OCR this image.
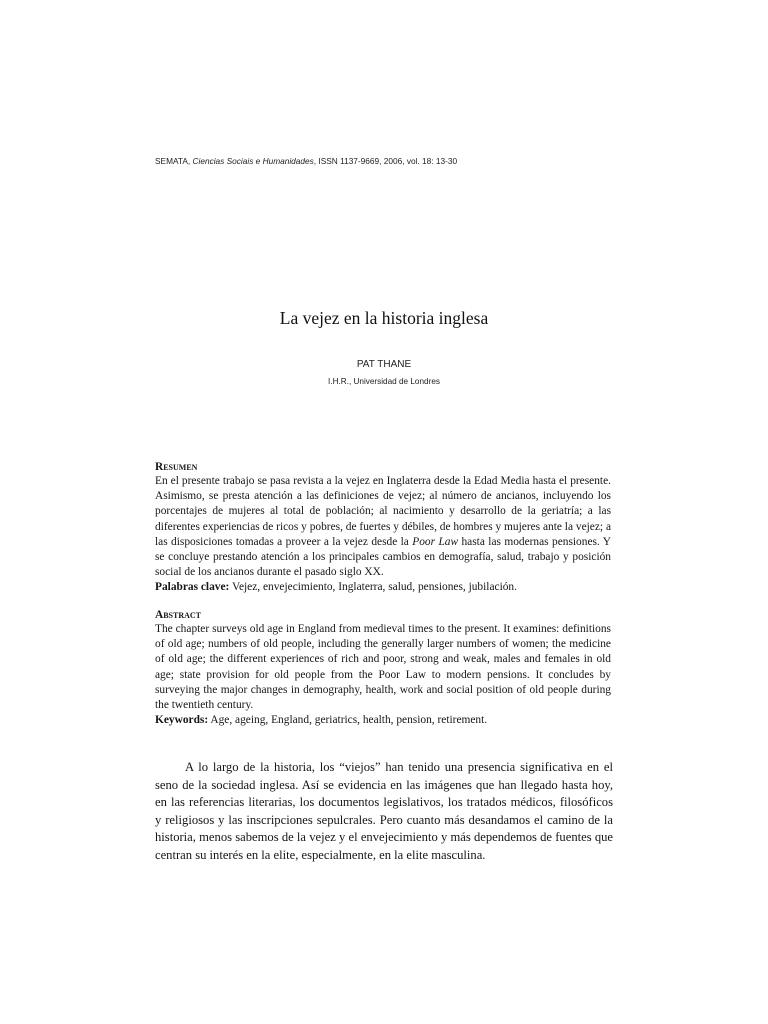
SEMATA, Ciencias Sociais e Humanidades, ISSN 1137-9669, 2006, vol. 18: 13-30
La vejez en la historia inglesa
PAT THANE
I.H.R., Universidad de Londres

Resumen

En el presente trabajo se pasa revista a la vejez en Inglaterra desde la Edad Media hasta el presente. Asimismo, se presta atención a las definiciones de vejez; al número de ancianos, incluyendo los porcentajes de mujeres al total de población; al nacimiento y desarrollo de la geriatría; a las diferentes experiencias de ricos y pobres, de fuertes y débiles, de hombres y mujeres ante la vejez; a las disposiciones tomadas a proveer a la vejez desde la Poor Law hasta las modernas pensiones. Y se concluye prestando atención a los principales cambios en demografía, salud, trabajo y posición social de los ancianos durante el pasado siglo XX.

Palabras clave: Vejez, envejecimiento, Inglaterra, salud, pensiones, jubilación.

Abstract

The chapter surveys old age in England from medieval times to the present. It examines: definitions of old age; numbers of old people, including the generally larger numbers of women; the medicine of old age; the different experiences of rich and poor, strong and weak, males and females in old age; state provision for old people from the Poor Law to modern pensions. It concludes by surveying the major changes in demography, health, work and social position of old people during the twentieth century.

Keywords: Age, ageing, England, geriatrics, health, pension, retirement.

A lo largo de la historia, los “viejos” han tenido una presencia significativa en el seno de la sociedad inglesa. Así se evidencia en las imágenes que han llegado hasta hoy, en las referencias literarias, los documentos legislativos, los tratados médicos, filosóficos y religiosos y las inscripciones sepulcrales. Pero cuanto más desandamos el camino de la historia, menos sabemos de la vejez y el envejecimiento y más dependemos de fuentes que centran su interés en la elite, especialmente, en la elite masculina.
